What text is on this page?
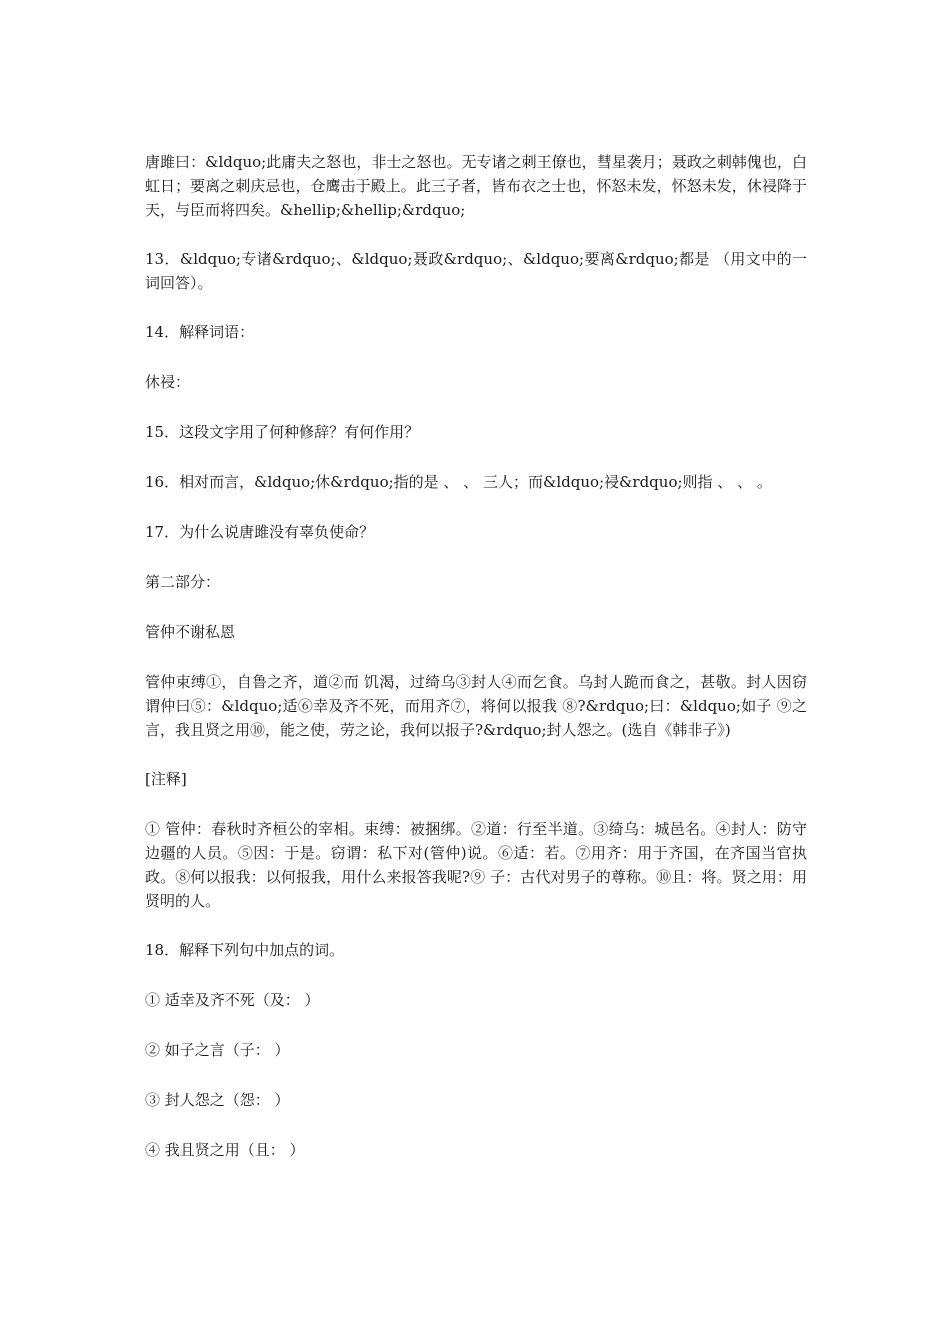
唐雎曰：&ldquo;此庸夫之怒也，非士之怒也。无专诸之刺王僚也，彗星袭月；聂政之刺韩傀也，白虹日；要离之刺庆忌也，仓鹰击于殿上。此三子者，皆布衣之士也，怀怒未发，怀怒未发，休祲降于天，与臣而将四矣。&hellip;&hellip;&rdquo;

13．&ldquo;专诸&rdquo;、&ldquo;聂政&rdquo;、&ldquo;要离&rdquo;都是 （用文中的一词回答）。

14．解释词语：

休祲：

15．这段文字用了何种修辞？有何作用？

16．相对而言，&ldquo;休&rdquo;指的是 、 、 三人；而&ldquo;祲&rdquo;则指 、 、 。

17．为什么说唐雎没有辜负使命？

第二部分：

管仲不谢私恩

管仲束缚①，自鲁之齐，道②而 饥渴，过绮乌③封人④而乞食。乌封人跪而食之，甚敬。封人因窃谓仲曰⑤：&ldquo;适⑥幸及齐不死，而用齐⑦，将何以报我 ⑧?&rdquo;曰：&ldquo;如子 ⑨之言，我且贤之用⑩，能之使，劳之论，我何以报子?&rdquo;封人怨之。(选自《韩非子》)

[注释]

① 管仲：春秋时齐桓公的宰相。束缚：被捆绑。②道：行至半道。③绮乌：城邑名。④封人：防守边疆的人员。⑤因：于是。窃谓：私下对(管仲)说。⑥适：若。⑦用齐：用于齐国，在齐国当官执政。⑧何以报我：以何报我，用什么来报答我呢?⑨ 子：古代对男子的尊称。⑩且：将。贤之用：用贤明的人。

18．解释下列句中加点的词。

① 适幸及齐不死（及： ）

② 如子之言（子： ）

③ 封人怨之（怨： ）

④ 我且贤之用（且： ）
